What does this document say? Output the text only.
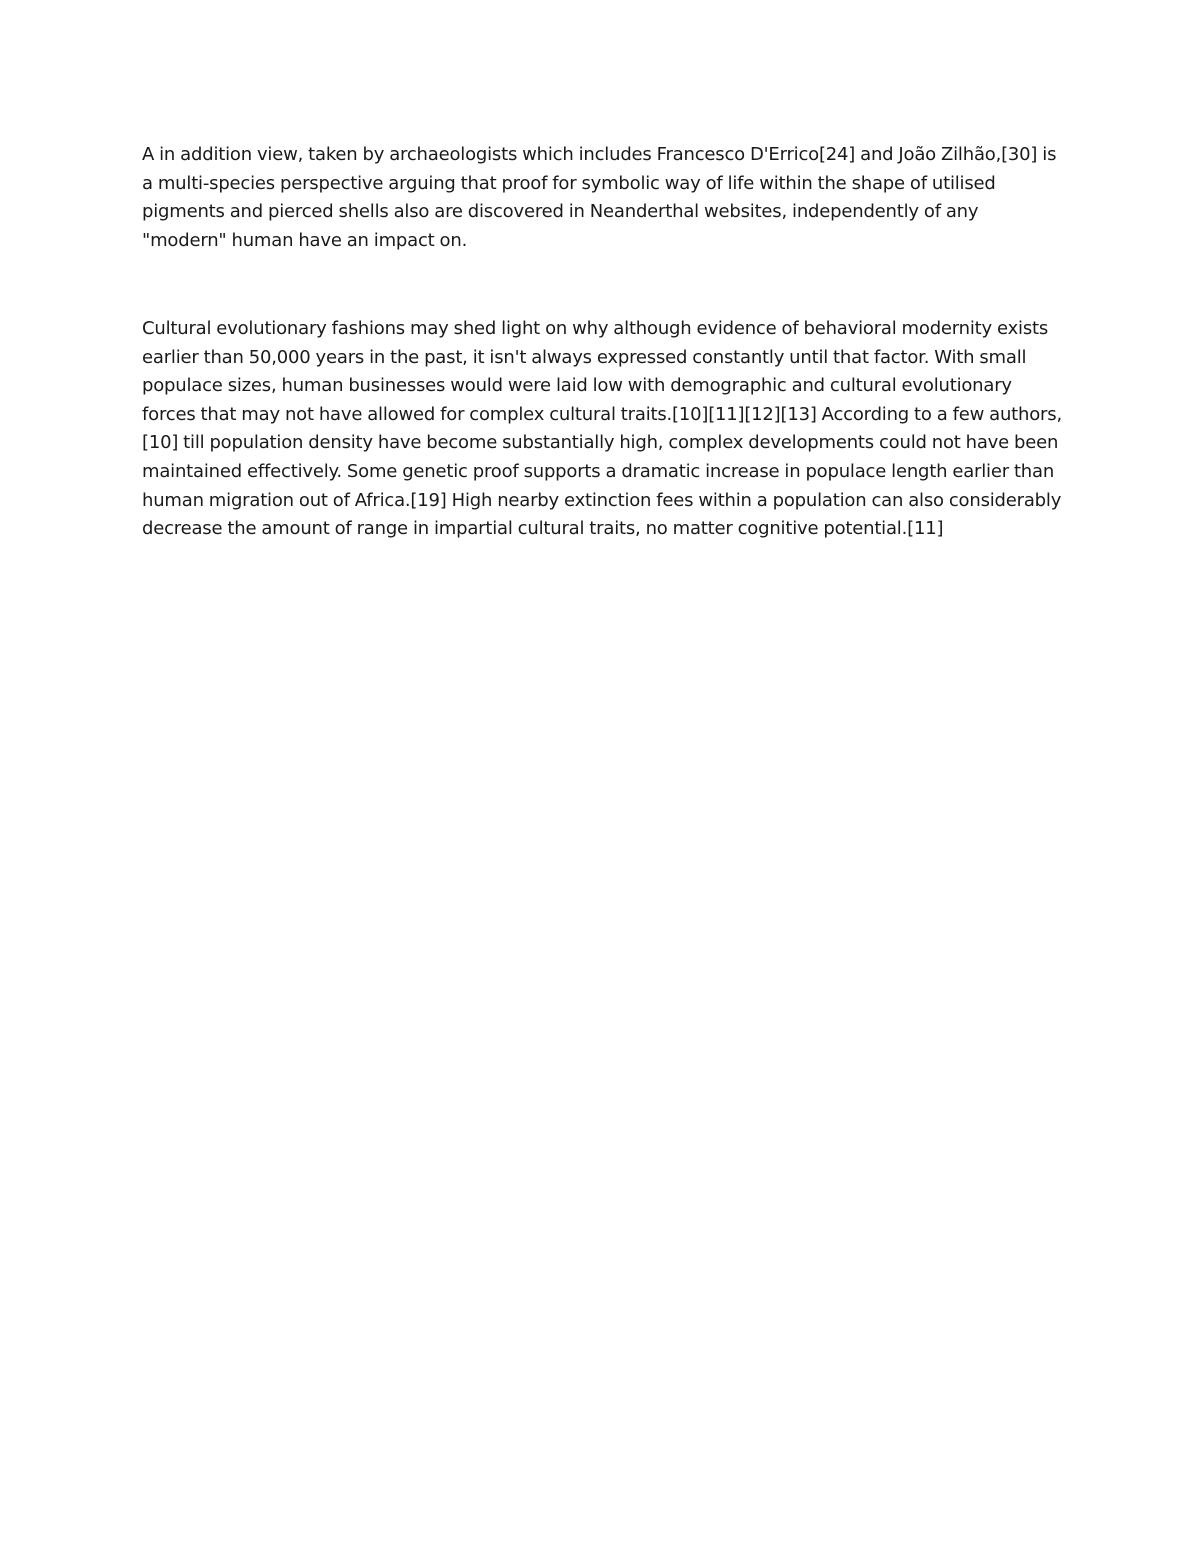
A in addition view, taken by archaeologists which includes Francesco D'Errico[24] and João Zilhão,[30] is
a multi-species perspective arguing that proof for symbolic way of life within the shape of utilised
pigments and pierced shells also are discovered in Neanderthal websites, independently of any
"modern" human have an impact on.
Cultural evolutionary fashions may shed light on why although evidence of behavioral modernity exists
earlier than 50,000 years in the past, it isn't always expressed constantly until that factor. With small
populace sizes, human businesses would were laid low with demographic and cultural evolutionary
forces that may not have allowed for complex cultural traits.[10][11][12][13] According to a few authors,
[10] till population density have become substantially high, complex developments could not have been
maintained effectively. Some genetic proof supports a dramatic increase in populace length earlier than
human migration out of Africa.[19] High nearby extinction fees within a population can also considerably
decrease the amount of range in impartial cultural traits, no matter cognitive potential.[11]
